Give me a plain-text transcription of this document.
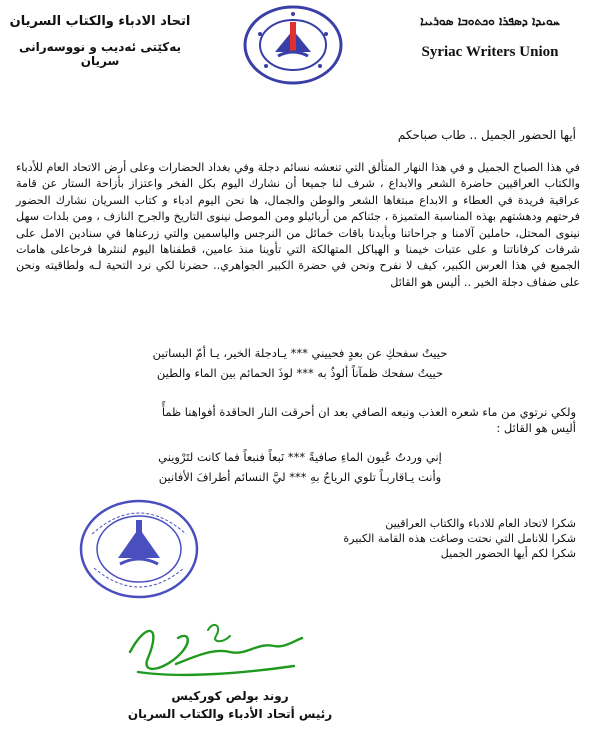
اتحاد الادباء والكتاب السريان
يەكێتى ئەديب و نووسەرانى سريان
ܚܘܝܕܐ ܕܣܦܪܐ ܘܟܬܘܒܐ ܣܘܪܝܝܐ
Syriac Writers Union
أيها الحضور الجميل .. طاب صباحكم
في هذا الصباح الجميل و في هذا النهار المتألق التي تنعشه نسائم دجلة وفي بغداد الحضارات وعلى أرض الاتحاد العام للأدباء والكتاب العراقيين حاضرة الشعر والابداع ، شرف لنا جميعا أن نشارك اليوم بكل الفخر واعتزاز بأزاحة الستار عن قامة عراقية فريدة في العطاء و الابداع مبتغاها الشعر والوطن والجمال، ها نحن اليوم ادباء و كتاب السريان نشارك الحضور فرحتهم ودهشتهم بهذه المناسبة المتميزة ، جئناكم من أربائيلو ومن الموصل نينوى التاريخ والجرح النازف ، ومن بلدات سهل نينوى المحتل، حاملين آلامنا و جراحاتنا وبأيدنا باقات خمائل من النرجس والياسمين والتي زرعناها في سنادين الامل على شرفات كرفاناتنا و على عتبات خيمنا و الهياكل المتهالكة التي تأوينا منذ عامين، قطفناها اليوم لننثرها فرحاعلى هامات الجميع في هذا العرس الكبير، كيف لا نفرح ونحن في حضرة الكبير الجواهري.. حضرنا لكي نرد التحية لـه ولطاقيته ونحن على ضفاف دجلة الخير .. أليس هو القائل
حييتُ سفحكِ عن بعدٍ فحييني *** يـادجلة الخير، يـا أمّ البساتين
حييتُ سفحك ظمآناً ألوذُ به *** لوذَ الحمائم بين الماء والطين
ولكي نرتوي من ماء شعره العذب ونبعه الصافي بعد ان أحرقت النار الحاقدة أفواهنا ظمأً
أليس هو القائل :
إني وردتُ عُيون الماءِ صافيةً *** نَبعاً فنبعاً فما كانت لتَرْويني
وأنت يـاقاربـاً تلوي الرياحُ بهِ *** ليَّ النسائم أطرافَ الأفانين
شكرا لاتحاد العام للادباء والكتاب العراقيين
شكرا للانامل التي نحتت وصاغت هذه القامة الكبيرة
شكرا لكم أيها الحضور الجميل
روند بولص كوركيس
رئيس أتحاد الأدباء والكتاب السريان
